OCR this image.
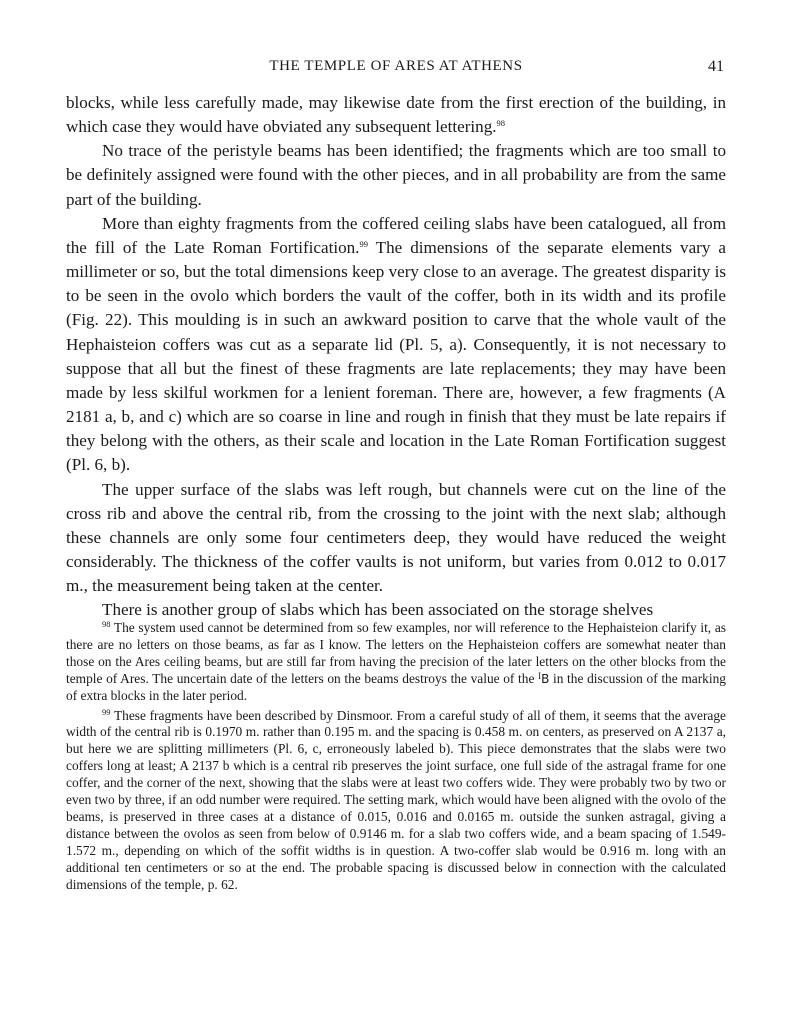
THE TEMPLE OF ARES AT ATHENS	41

blocks, while less carefully made, may likewise date from the first erection of the building, in which case they would have obviated any subsequent lettering.$^{98}$

No trace of the peristyle beams has been identified; the fragments which are too small to be definitely assigned were found with the other pieces, and in all probability are from the same part of the building.

More than eighty fragments from the coffered ceiling slabs have been catalogued, all from the fill of the Late Roman Fortification.$^{99}$ The dimensions of the separate elements vary a millimeter or so, but the total dimensions keep very close to an average. The greatest disparity is to be seen in the ovolo which borders the vault of the coffer, both in its width and its profile (Fig. 22). This moulding is in such an awkward position to carve that the whole vault of the Hephaisteion coffers was cut as a separate lid (Pl. 5, a). Consequently, it is not necessary to suppose that all but the finest of these fragments are late replacements; they may have been made by less skilful workmen for a lenient foreman. There are, however, a few fragments (A 2181 a, b, and c) which are so coarse in line and rough in finish that they must be late repairs if they belong with the others, as their scale and location in the Late Roman Fortification suggest (Pl. 6, b).

The upper surface of the slabs was left rough, but channels were cut on the line of the cross rib and above the central rib, from the crossing to the joint with the next slab; although these channels are only some four centimeters deep, they would have reduced the weight considerably. The thickness of the coffer vaults is not uniform, but varies from 0.012 to 0.017 m., the measurement being taken at the center.

There is another group of slabs which has been associated on the storage shelves

$^{98}$ The system used cannot be determined from so few examples, nor will reference to the Hephaisteion clarify it, as there are no letters on those beams, as far as I know. The letters on the Hephaisteion coffers are somewhat neater than those on the Ares ceiling beams, but are still far from having the precision of the later letters on the other blocks from the temple of Ares. The uncertain date of the letters on the beams destroys the value of the $^I$B in the discussion of the marking of extra blocks in the later period.

$^{99}$ These fragments have been described by Dinsmoor. From a careful study of all of them, it seems that the average width of the central rib is 0.1970 m. rather than 0.195 m. and the spacing is 0.458 m. on centers, as preserved on A 2137 a, but here we are splitting millimeters (Pl. 6, c, erroneously labeled b). This piece demonstrates that the slabs were two coffers long at least; A 2137 b which is a central rib preserves the joint surface, one full side of the astragal frame for one coffer, and the corner of the next, showing that the slabs were at least two coffers wide. They were probably two by two or even two by three, if an odd number were required. The setting mark, which would have been aligned with the ovolo of the beams, is preserved in three cases at a distance of 0.015, 0.016 and 0.0165 m. outside the sunken astragal, giving a distance between the ovolos as seen from below of 0.9146 m. for a slab two coffers wide, and a beam spacing of 1.549-1.572 m., depending on which of the soffit widths is in question. A two-coffer slab would be 0.916 m. long with an additional ten centimeters or so at the end. The probable spacing is discussed below in connection with the calculated dimensions of the temple, p. 62.
